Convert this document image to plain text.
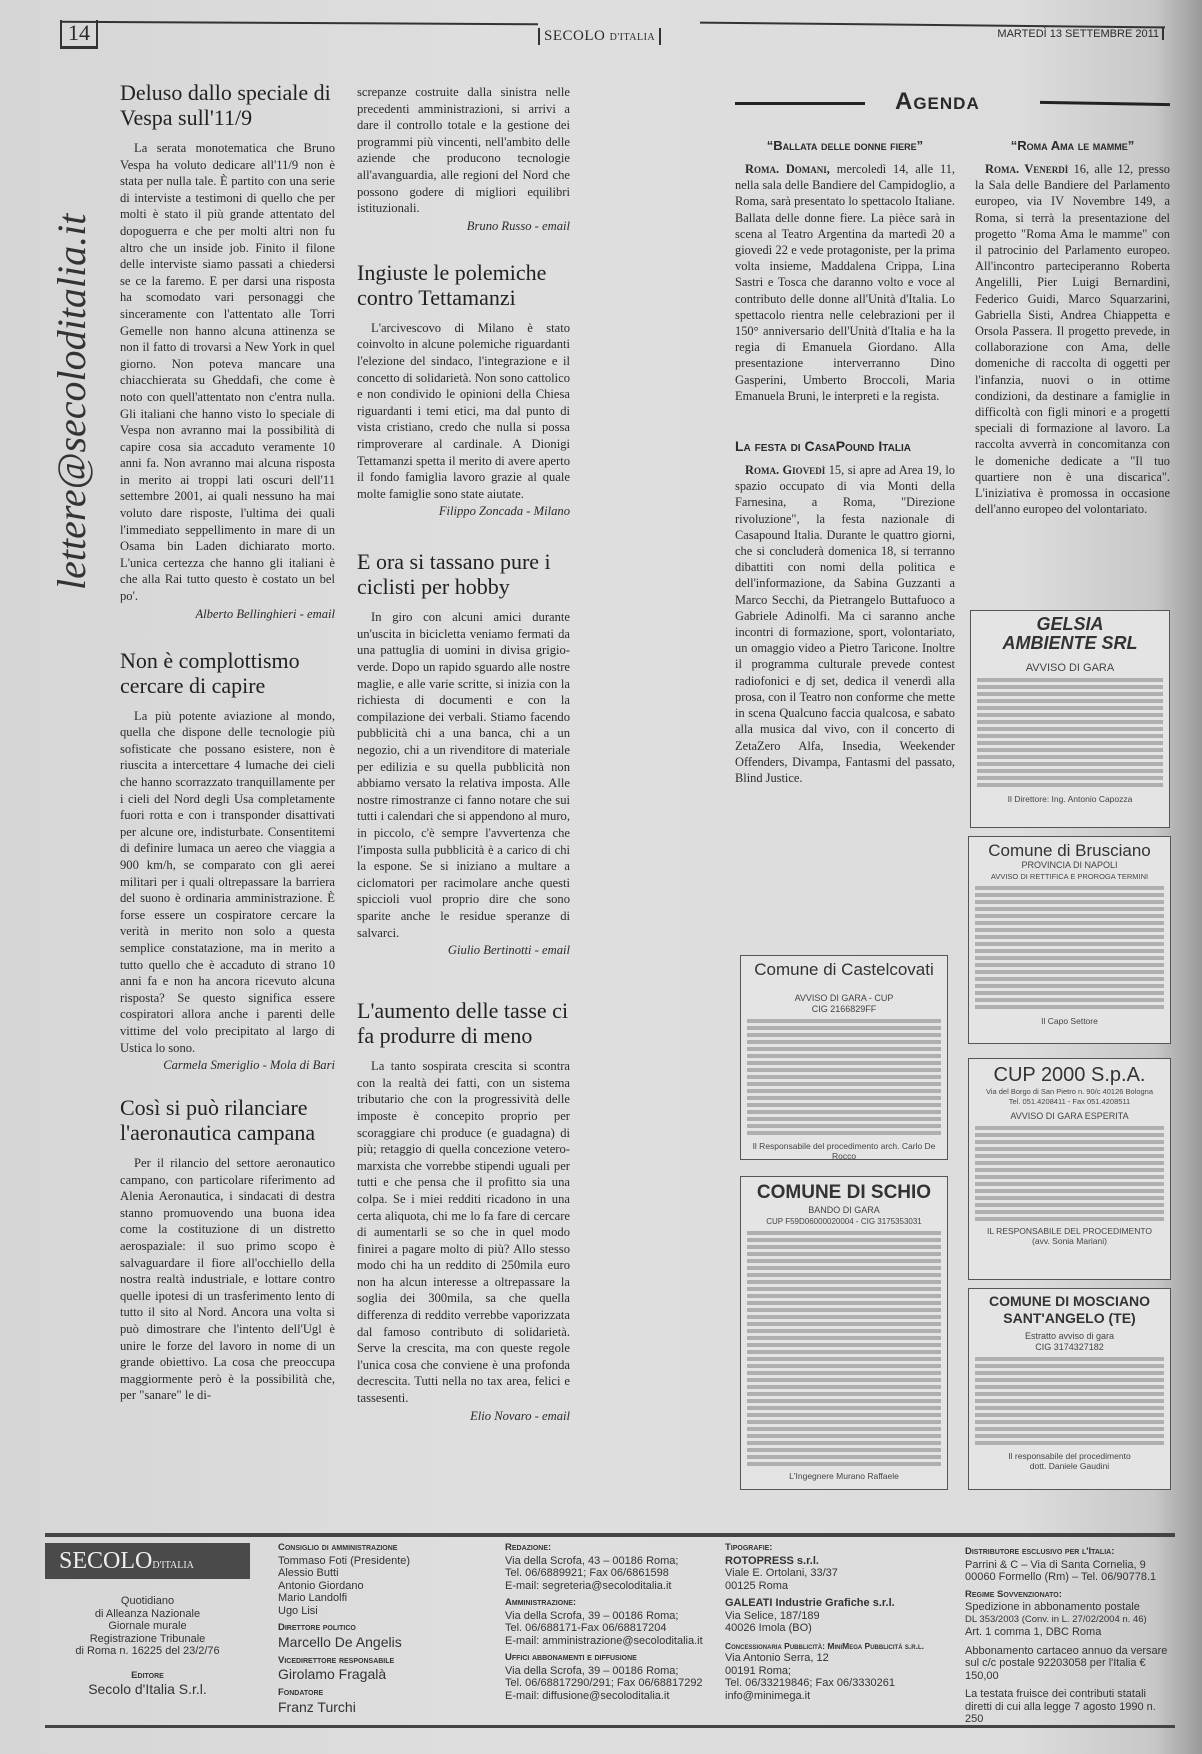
14	SECOLO D'ITALIA	MARTEDÌ 13 SETTEMBRE 2011
lettere@secoloditalia.it
Deluso dallo speciale di Vespa sull'11/9

La serata monotematica che Bruno Vespa ha voluto dedicare all'11/9 non è stata per nulla tale. È partito con una serie di interviste a testimoni di quello che per molti è stato il più grande attentato del dopoguerra e che per molti altri non fu altro che un inside job. Finito il filone delle interviste siamo passati a chiedersi se ce la faremo. E per darsi una risposta ha scomodato vari personaggi che sinceramente con l'attentato alle Torri Gemelle non hanno alcuna attinenza se non il fatto di trovarsi a New York in quel giorno. Non poteva mancare una chiacchierata su Gheddafi, che come è noto con quell'attentato non c'entra nulla. Gli italiani che hanno visto lo speciale di Vespa non avranno mai la possibilità di capire cosa sia accaduto veramente 10 anni fa. Non avranno mai alcuna risposta in merito ai troppi lati oscuri dell'11 settembre 2001, ai quali nessuno ha mai voluto dare risposte, l'ultima dei quali l'immediato seppellimento in mare di un Osama bin Laden dichiarato morto. L'unica certezza che hanno gli italiani è che alla Rai tutto questo è costato un bel po'.

Alberto Bellinghieri - email

Non è complottismo cercare di capire

La più potente aviazione al mondo, quella che dispone delle tecnologie più sofisticate che possano esistere, non è riuscita a intercettare 4 lumache dei cieli che hanno scorrazzato tranquillamente per i cieli del Nord degli Usa completamente fuori rotta e con i transponder disattivati per alcune ore, indisturbate. Consentitemi di definire lumaca un aereo che viaggia a 900 km/h, se comparato con gli aerei militari per i quali oltrepassare la barriera del suono è ordinaria amministrazione. È forse essere un cospiratore cercare la verità in merito non solo a questa semplice constatazione, ma in merito a tutto quello che è accaduto di strano 10 anni fa e non ha ancora ricevuto alcuna risposta? Se questo significa essere cospiratori allora anche i parenti delle vittime del volo precipitato al largo di Ustica lo sono.

Carmela Smeriglio - Mola di Bari

Così si può rilanciare l'aeronautica campana

Per il rilancio del settore aeronautico campano, con particolare riferimento ad Alenia Aeronautica, i sindacati di destra stanno promuovendo una buona idea come la costituzione di un distretto aerospaziale: il suo primo scopo è salvaguardare il fiore all'occhiello della nostra realtà industriale, e lottare contro quelle ipotesi di un trasferimento lento di tutto il sito al Nord. Ancora una volta si può dimostrare che l'intento dell'Ugl è unire le forze del lavoro in nome di un grande obiettivo. La cosa che preoccupa maggiormente però è la possibilità che, per "sanare" le di-

screpanze costruite dalla sinistra nelle precedenti amministrazioni, si arrivi a dare il controllo totale e la gestione dei programmi più vincenti, nell'ambito delle aziende che producono tecnologie all'avanguardia, alle regioni del Nord che possono godere di migliori equilibri istituzionali.

Bruno Russo - email

Ingiuste le polemiche contro Tettamanzi

L'arcivescovo di Milano è stato coinvolto in alcune polemiche riguardanti l'elezione del sindaco, l'integrazione e il concetto di solidarietà. Non sono cattolico e non condivido le opinioni della Chiesa riguardanti i temi etici, ma dal punto di vista cristiano, credo che nulla si possa rimproverare al cardinale. A Dionigi Tettamanzi spetta il merito di avere aperto il fondo famiglia lavoro grazie al quale molte famiglie sono state aiutate.

Filippo Zoncada - Milano

E ora si tassano pure i ciclisti per hobby

In giro con alcuni amici durante un'uscita in bicicletta veniamo fermati da una pattuglia di uomini in divisa grigio-verde. Dopo un rapido sguardo alle nostre maglie, e alle varie scritte, si inizia con la richiesta di documenti e con la compilazione dei verbali. Stiamo facendo pubblicità chi a una banca, chi a un negozio, chi a un rivenditore di materiale per edilizia e su quella pubblicità non abbiamo versato la relativa imposta. Alle nostre rimostranze ci fanno notare che sui tutti i calendari che si appendono al muro, in piccolo, c'è sempre l'avvertenza che l'imposta sulla pubblicità è a carico di chi la espone. Se si iniziano a multare a ciclomatori per racimolare anche questi spiccioli vuol proprio dire che sono sparite anche le residue speranze di salvarci.

Giulio Bertinotti - email

L'aumento delle tasse ci fa produrre di meno

La tanto sospirata crescita si scontra con la realtà dei fatti, con un sistema tributario che con la progressività delle imposte è concepito proprio per scoraggiare chi produce (e guadagna) di più; retaggio di quella concezione vetero-marxista che vorrebbe stipendi uguali per tutti e che pensa che il profitto sia una colpa. Se i miei redditi ricadono in una certa aliquota, chi me lo fa fare di cercare di aumentarli se so che in quel modo finirei a pagare molto di più? Allo stesso modo chi ha un reddito di 250mila euro non ha alcun interesse a oltrepassare la soglia dei 300mila, sa che quella differenza di reddito verrebbe vaporizzata dal famoso contributo di solidarietà. Serve la crescita, ma con queste regole l'unica cosa che conviene è una profonda decrescita. Tutti nella no tax area, felici e tassesenti.

Elio Novaro - email

Agenda

“Ballata delle donne fiere”

Roma. Domani, mercoledì 14, alle 11, nella sala delle Bandiere del Campidoglio, a Roma, sarà presentato lo spettacolo Italiane. Ballata delle donne fiere. La pièce sarà in scena al Teatro Argentina da martedì 20 a giovedì 22 e vede protagoniste, per la prima volta insieme, Maddalena Crippa, Lina Sastri e Tosca che daranno volto e voce al contributo delle donne all'Unità d'Italia. Lo spettacolo rientra nelle celebrazioni per il 150° anniversario dell'Unità d'Italia e ha la regia di Emanuela Giordano. Alla presentazione interverranno Dino Gasperini, Umberto Broccoli, Maria Emanuela Bruni, le interpreti e la regista.

La festa di CasaPound Italia

Roma. Giovedì 15, si apre ad Area 19, lo spazio occupato di via Monti della Farnesina, a Roma, "Direzione rivoluzione", la festa nazionale di Casapound Italia. Durante le quattro giorni, che si concluderà domenica 18, si terranno dibattiti con nomi della politica e dell'informazione, da Sabina Guzzanti a Marco Secchi, da Pietrangelo Buttafuoco a Gabriele Adinolfi. Ma ci saranno anche incontri di formazione, sport, volontariato, un omaggio video a Pietro Taricone. Inoltre il programma culturale prevede contest radiofonici e dj set, dedica il venerdì alla prosa, con il Teatro non conforme che mette in scena Qualcuno faccia qualcosa, e sabato alla musica dal vivo, con il concerto di ZetaZero Alfa, Insedia, Weekender Offenders, Divampa, Fantasmi del passato, Blind Justice.

“Roma Ama le mamme”

Roma. Venerdì 16, alle 12, presso la Sala delle Bandiere del Parlamento europeo, via IV Novembre 149, a Roma, si terrà la presentazione del progetto "Roma Ama le mamme" con il patrocinio del Parlamento europeo. All'incontro parteciperanno Roberta Angelilli, Pier Luigi Bernardini, Federico Guidi, Marco Squarzarini, Gabriella Sisti, Andrea Chiappetta e Orsola Passera. Il progetto prevede, in collaborazione con Ama, delle domeniche di raccolta di oggetti per l'infanzia, nuovi o in ottime condizioni, da destinare a famiglie in difficoltà con figli minori e a progetti speciali di formazione al lavoro. La raccolta avverrà in concomitanza con le domeniche dedicate a "Il tuo quartiere non è una discarica". L'iniziativa è promossa in occasione dell'anno europeo del volontariato.

GELSIA
AMBIENTE SRL
AVVISO DI GARA
Il Direttore: Ing. Antonio Capozza
Comune di Brusciano
PROVINCIA DI NAPOLI
AVVISO DI RETTIFICA E PROROGA TERMINI
Il Capo Settore
CUP 2000 S.p.A.
Via del Borgo di San Pietro n. 90/c 40126 Bologna
Tel. 051.4208411 - Fax 051.4208511
AVVISO DI GARA ESPERITA
IL RESPONSABILE DEL PROCEDIMENTO
(avv. Sonia Mariani)
COMUNE DI MOSCIANO
SANT'ANGELO (TE)
Estratto avviso di gara
CIG 3174327182
Il responsabile del procedimento
dott. Daniele Gaudini
Comune di Castelcovati
AVVISO DI GARA - CUP
CIG 2166829FF
Il Responsabile del procedimento arch. Carlo De Rocco
COMUNE DI SCHIO
BANDO DI GARA
CUP F59D06000020004 - CIG 3175353031
L'Ingegnere Murano Raffaele
SECOLOD'ITALIA
Quotidiano
di Alleanza Nazionale
Giornale murale
Registrazione Tribunale
di Roma n. 16225 del 23/2/76
Editore
Secolo d'Italia S.r.l.
Consiglio di amministrazione
Tommaso Foti (Presidente)
Alessio Butti
Antonio Giordano
Mario Landolfi
Ugo Lisi
Direttore politico
Marcello De Angelis
Vicedirettore responsabile
Girolamo Fragalà
Fondatore
Franz Turchi
Redazione:
Via della Scrofa, 43 – 00186 Roma;
Tel. 06/6889921; Fax 06/6861598
E-mail: segreteria@secoloditalia.it
Amministrazione:
Via della Scrofa, 39 – 00186 Roma;
Tel. 06/688171-Fax 06/68817204
E-mail: amministrazione@secoloditalia.it
Uffici abbonamenti e diffusione
Via della Scrofa, 39 – 00186 Roma;
Tel. 06/68817290/291; Fax 06/68817292
E-mail: diffusione@secoloditalia.it
Tipografie:
ROTOPRESS s.r.l.
Viale E. Ortolani, 33/37
00125 Roma
GALEATI Industrie Grafiche s.r.l.
Via Selice, 187/189
40026 Imola (BO)
Concessionaria Pubblicità: MiniMega Pubblicità s.r.l.
Via Antonio Serra, 12
00191 Roma;
Tel. 06/33219846; Fax 06/3330261
info@minimega.it
Distributore esclusivo per l'Italia:
Parrini & C – Via di Santa Cornelia, 9
00060 Formello (Rm) – Tel. 06/90778.1
Regime Sovvenzionato:
Spedizione in abbonamento postale
DL 353/2003 (Conv. in L. 27/02/2004 n. 46)
Art. 1 comma 1, DBC Roma
Abbonamento cartaceo annuo da versare sul c/c postale 92203058 per l'Italia € 150,00
La testata fruisce dei contributi statali diretti di cui alla legge 7 agosto 1990 n. 250
